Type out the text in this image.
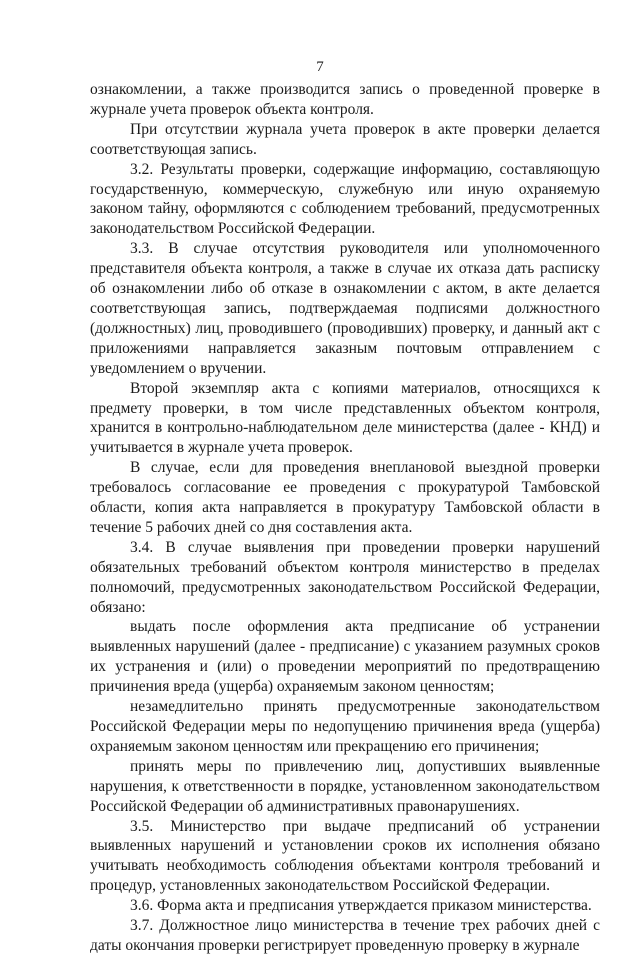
7

ознакомлении, а также производится запись о проведенной проверке в журнале учета проверок объекта контроля.

При отсутствии журнала учета проверок в акте проверки делается соответствующая запись.

3.2. Результаты проверки, содержащие информацию, составляющую государственную, коммерческую, служебную или иную охраняемую законом тайну, оформляются с соблюдением требований, предусмотренных законодательством Российской Федерации.

3.3. В случае отсутствия руководителя или уполномоченного представителя объекта контроля, а также в случае их отказа дать расписку об ознакомлении либо об отказе в ознакомлении с актом, в акте делается соответствующая запись, подтверждаемая подписями должностного (должностных) лиц, проводившего (проводивших) проверку, и данный акт с приложениями направляется заказным почтовым отправлением с уведомлением о вручении.

Второй экземпляр акта с копиями материалов, относящихся к предмету проверки, в том числе представленных объектом контроля, хранится в контрольно-наблюдательном деле министерства (далее - КНД) и учитывается в журнале учета проверок.

В случае, если для проведения внеплановой выездной проверки требовалось согласование ее проведения с прокуратурой Тамбовской области, копия акта направляется в прокуратуру Тамбовской области в течение 5 рабочих дней со дня составления акта.

3.4. В случае выявления при проведении проверки нарушений обязательных требований объектом контроля министерство в пределах полномочий, предусмотренных законодательством Российской Федерации, обязано:

выдать после оформления акта предписание об устранении выявленных нарушений (далее - предписание) с указанием разумных сроков их устранения и (или) о проведении мероприятий по предотвращению причинения вреда (ущерба) охраняемым законом ценностям;

незамедлительно принять предусмотренные законодательством Российской Федерации меры по недопущению причинения вреда (ущерба) охраняемым законом ценностям или прекращению его причинения;

принять меры по привлечению лиц, допустивших выявленные нарушения, к ответственности в порядке, установленном законодательством Российской Федерации об административных правонарушениях.

3.5. Министерство при выдаче предписаний об устранении выявленных нарушений и установлении сроков их исполнения обязано учитывать необходимость соблюдения объектами контроля требований и процедур, установленных законодательством Российской Федерации.

3.6. Форма акта и предписания утверждается приказом министерства.

3.7. Должностное лицо министерства в течение трех рабочих дней с даты окончания проверки регистрирует проведенную проверку в журнале
